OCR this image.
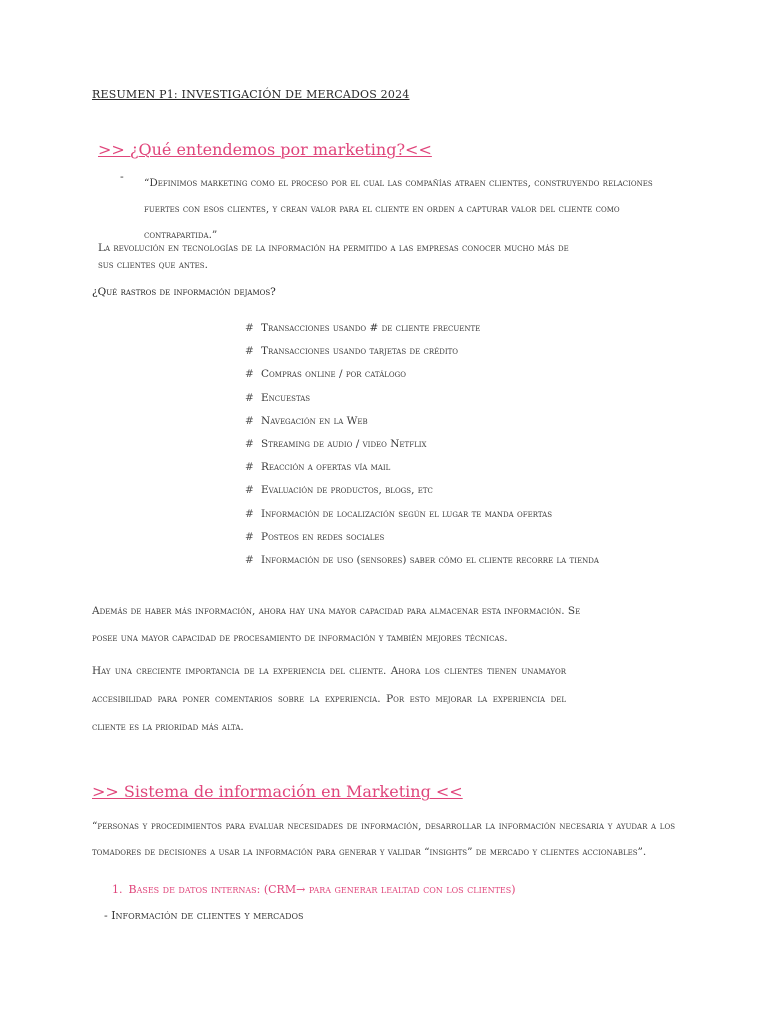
RESUMEN P1: INVESTIGACIÓN DE MERCADOS 2024
>> ¿Qué entendemos por marketing?<<
- “Definimos marketing como el proceso por el cual las compañías atraen clientes, construyendo relaciones fuertes con esos clientes, y crean valor para el cliente en orden a capturar valor del cliente como contrapartida.”
La revolución en tecnologías de la información ha permitido a las empresas conocer mucho más de sus clientes que antes.
¿Qué rastros de información dejamos?
# Transacciones usando # de cliente frecuente
# Transacciones usando tarjetas de crédito
# Compras online / por catálogo
# Encuestas
# Navegación en la Web
# Streaming de audio / video Netflix
# Reacción a ofertas vía mail
# Evaluación de productos, blogs, etc
# Información de localización según el lugar te manda ofertas
# Posteos en redes sociales
# Información de uso (sensores) saber cómo el cliente recorre la tienda
Además de haber más información, ahora hay una mayor capacidad para almacenar esta información. Se posee una mayor capacidad de procesamiento de información y también mejores técnicas.
Hay una creciente importancia de la experiencia del cliente. Ahora los clientes tienen unamayor accesibilidad para poner comentarios sobre la experiencia. Por esto mejorar la experiencia del cliente es la prioridad más alta.
>> Sistema de información en Marketing <<
“personas y procedimientos para evaluar necesidades de información, desarrollar la información necesaria y ayudar a los tomadores de decisiones a usar la información para generar y validar “insights” de mercado y clientes accionables”.
1. Bases de datos internas: (CRM→ para generar lealtad con los clientes)
- Información de clientes y mercados
